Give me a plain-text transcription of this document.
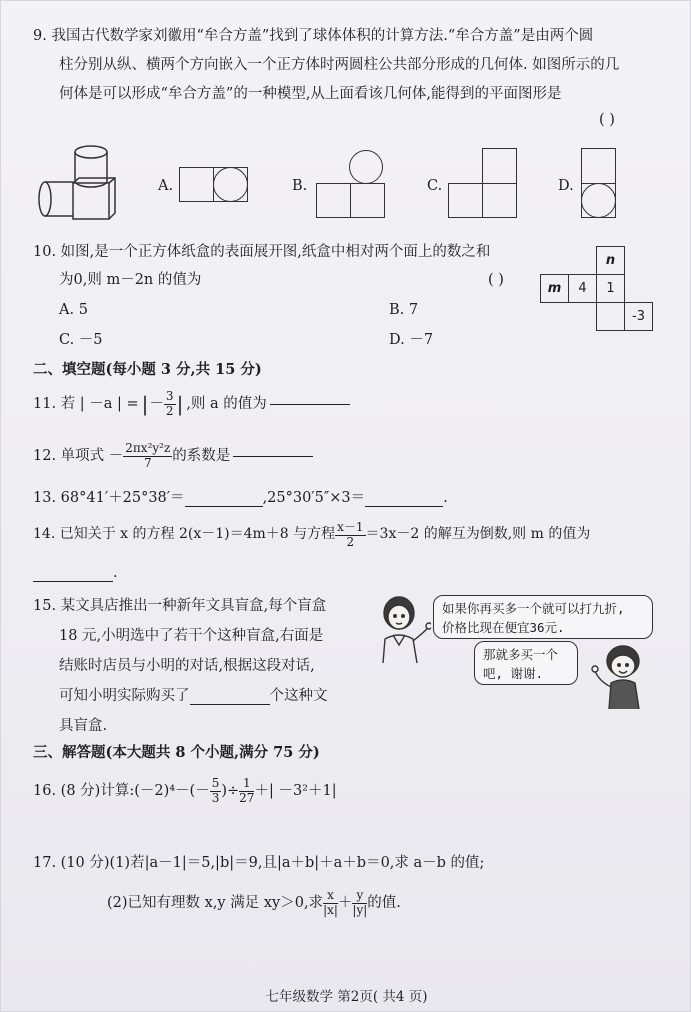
9. 我国古代数学家刘徽用“牟合方盖”找到了球体体积的计算方法.“牟合方盖”是由两个圆
柱分别从纵、横两个方向嵌入一个正方体时两圆柱公共部分形成的几何体. 如图所示的几
何体是可以形成“牟合方盖”的一种模型,从上面看该几何体,能得到的平面图形是
( )
A.	B.	C.	D.
10. 如图,是一个正方体纸盒的表面展开图,纸盒中相对两个面上的数之和
为0,则 m－2n 的值为	( )
A. 5	B. 7
C. －5	D. －7
		n	
m	4	1	
			-3
二、填空题(每小题 3 分,共 15 分)
11. 若 | －a | = | － $\frac{3}{2}$ | ,则 a 的值为
12. 单项式 － $\frac{\text{2πx²y²z}}{7}$ 的系数是
13. 68°41′＋25°38′＝	,25°30′5″×3＝	.
14. 已知关于 x 的方程 2(x－1)＝4m＋8 与方程 $\frac{x-1}{2} =3x-2$ 的解互为倒数,则 m 的值为
.
15. 某文具店推出一种新年文具盲盒,每个盲盒
18 元,小明选中了若干个这种盲盒,右面是
结账时店员与小明的对话,根据这段对话,
可知小明实际购买了	个这种文
具盲盒.
如果你再买多一个就可以打九折, 价格比现在便宜36元.
那就多买一个吧, 谢谢.
三、解答题(本大题共 8 个小题,满分 75 分)
16. (8 分)计算:(－2)⁴－(－ $\frac{5}{3}$ )÷ $\frac{1}{27}$ ＋| －3²＋1|
17. (10 分)(1)若|a－1|＝5,|b|＝9,且|a＋b|＋a＋b＝0,求 a－b 的值;
(2)已知有理数 x,y 满足 xy＞0,求 $\frac{x}{|x|} + \frac{y}{|y|}$ 的值.
七年级数学 第2页( 共4 页)
